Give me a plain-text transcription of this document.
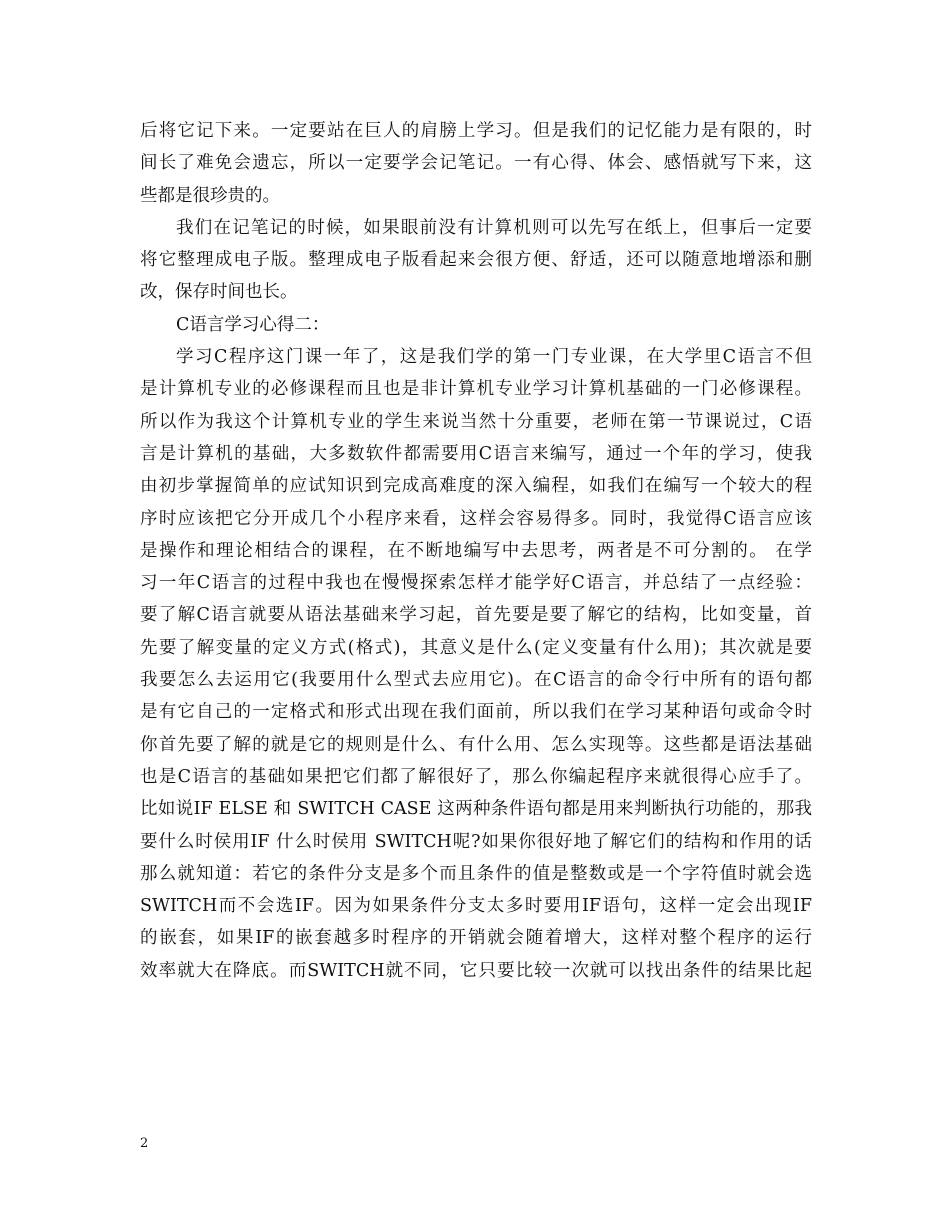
后将它记下来。一定要站在巨人的肩膀上学习。但是我们的记忆能力是有限的，时
间长了难免会遗忘，所以一定要学会记笔记。一有心得、体会、感悟就写下来，这
些都是很珍贵的。
我们在记笔记的时候，如果眼前没有计算机则可以先写在纸上，但事后一定要
将它整理成电子版。整理成电子版看起来会很方便、舒适，还可以随意地增添和删
改，保存时间也长。
C语言学习心得二：
学习C程序这门课一年了，这是我们学的第一门专业课，在大学里C语言不但
是计算机专业的必修课程而且也是非计算机专业学习计算机基础的一门必修课程。
所以作为我这个计算机专业的学生来说当然十分重要，老师在第一节课说过，C语
言是计算机的基础，大多数软件都需要用C语言来编写，通过一个年的学习，使我
由初步掌握简单的应试知识到完成高难度的深入编程，如我们在编写一个较大的程
序时应该把它分开成几个小程序来看，这样会容易得多。同时，我觉得C语言应该
是操作和理论相结合的课程，在不断地编写中去思考，两者是不可分割的。 在学
习一年C语言的过程中我也在慢慢探索怎样才能学好C语言，并总结了一点经验：
要了解C语言就要从语法基础来学习起，首先要是要了解它的结构，比如变量，首
先要了解变量的定义方式(格式)，其意义是什么(定义变量有什么用)；其次就是要
我要怎么去运用它(我要用什么型式去应用它)。在C语言的命令行中所有的语句都
是有它自己的一定格式和形式出现在我们面前，所以我们在学习某种语句或命令时
你首先要了解的就是它的规则是什么、有什么用、怎么实现等。这些都是语法基础
也是C语言的基础如果把它们都了解很好了，那么你编起程序来就很得心应手了。
比如说IF ELSE 和 SWITCH CASE 这两种条件语句都是用来判断执行功能的，那我
要什么时侯用IF 什么时侯用 SWITCH呢?如果你很好地了解它们的结构和作用的话
那么就知道：若它的条件分支是多个而且条件的值是整数或是一个字符值时就会选
SWITCH而不会选IF。因为如果条件分支太多时要用IF语句，这样一定会出现IF
的嵌套，如果IF的嵌套越多时程序的开销就会随着增大，这样对整个程序的运行
效率就大在降底。而SWITCH就不同，它只要比较一次就可以找出条件的结果比起
2
